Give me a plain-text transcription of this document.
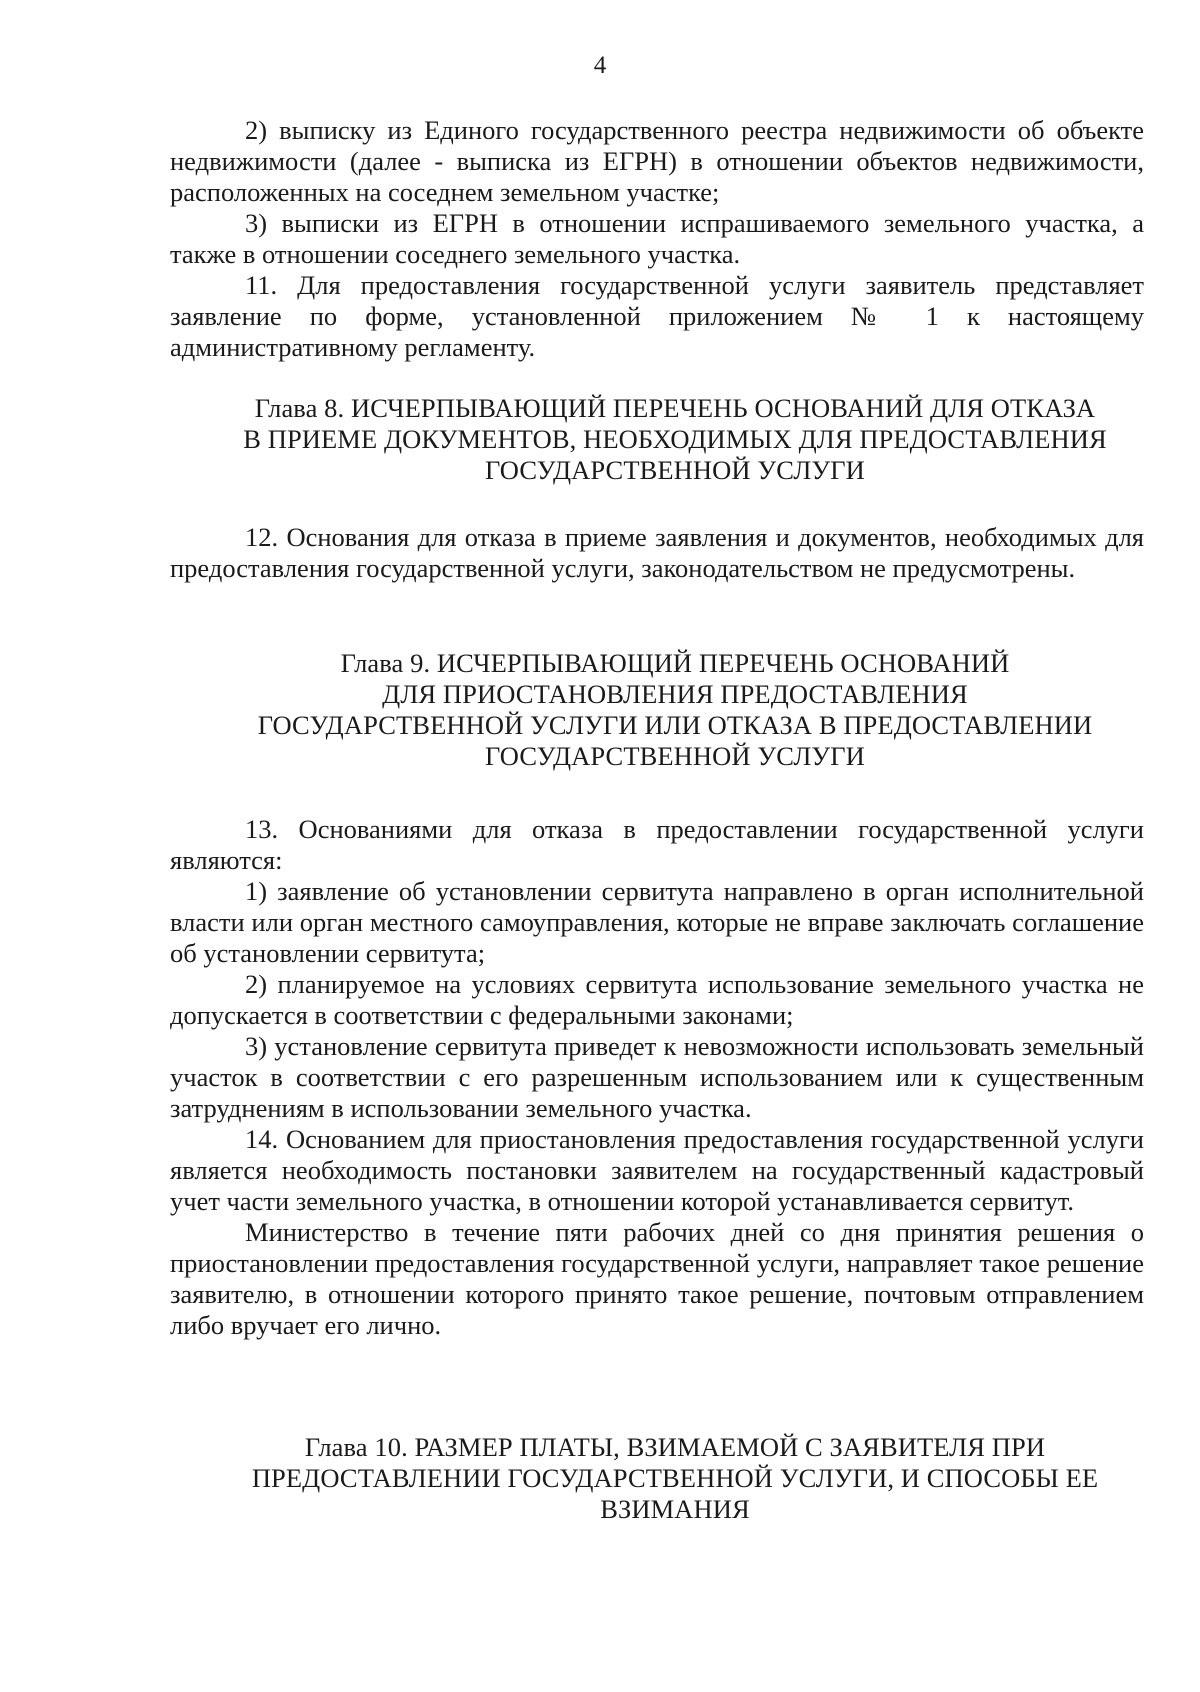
4

2) выписку из Единого государственного реестра недвижимости об объекте недвижимости (далее - выписка из ЕГРН) в отношении объектов недвижимости, расположенных на соседнем земельном участке;

3) выписки из ЕГРН в отношении испрашиваемого земельного участка, а также в отношении соседнего земельного участка.

11. Для предоставления государственной услуги заявитель представляет заявление по форме, установленной приложением № 1 к настоящему административному регламенту.

Глава 8. ИСЧЕРПЫВАЮЩИЙ ПЕРЕЧЕНЬ ОСНОВАНИЙ ДЛЯ ОТКАЗА

В ПРИЕМЕ ДОКУМЕНТОВ, НЕОБХОДИМЫХ ДЛЯ ПРЕДОСТАВЛЕНИЯ

ГОСУДАРСТВЕННОЙ УСЛУГИ

12. Основания для отказа в приеме заявления и документов, необходимых для предоставления государственной услуги, законодательством не предусмотрены.

Глава 9. ИСЧЕРПЫВАЮЩИЙ ПЕРЕЧЕНЬ ОСНОВАНИЙ

ДЛЯ ПРИОСТАНОВЛЕНИЯ ПРЕДОСТАВЛЕНИЯ

ГОСУДАРСТВЕННОЙ УСЛУГИ ИЛИ ОТКАЗА В ПРЕДОСТАВЛЕНИИ

ГОСУДАРСТВЕННОЙ УСЛУГИ

13. Основаниями для отказа в предоставлении государственной услуги являются:

1) заявление об установлении сервитута направлено в орган исполнительной власти или орган местного самоуправления, которые не вправе заключать соглашение об установлении сервитута;

2) планируемое на условиях сервитута использование земельного участка не допускается в соответствии с федеральными законами;

3) установление сервитута приведет к невозможности использовать земельный участок в соответствии с его разрешенным использованием или к существенным затруднениям в использовании земельного участка.

14. Основанием для приостановления предоставления государственной услуги является необходимость постановки заявителем на государственный кадастровый учет части земельного участка, в отношении которой устанавливается сервитут.

Министерство в течение пяти рабочих дней со дня принятия решения о приостановлении предоставления государственной услуги, направляет такое решение заявителю, в отношении которого принято такое решение, почтовым отправлением либо вручает его лично.

Глава 10. РАЗМЕР ПЛАТЫ, ВЗИМАЕМОЙ С ЗАЯВИТЕЛЯ ПРИ

ПРЕДОСТАВЛЕНИИ ГОСУДАРСТВЕННОЙ УСЛУГИ, И СПОСОБЫ ЕЕ

ВЗИМАНИЯ
